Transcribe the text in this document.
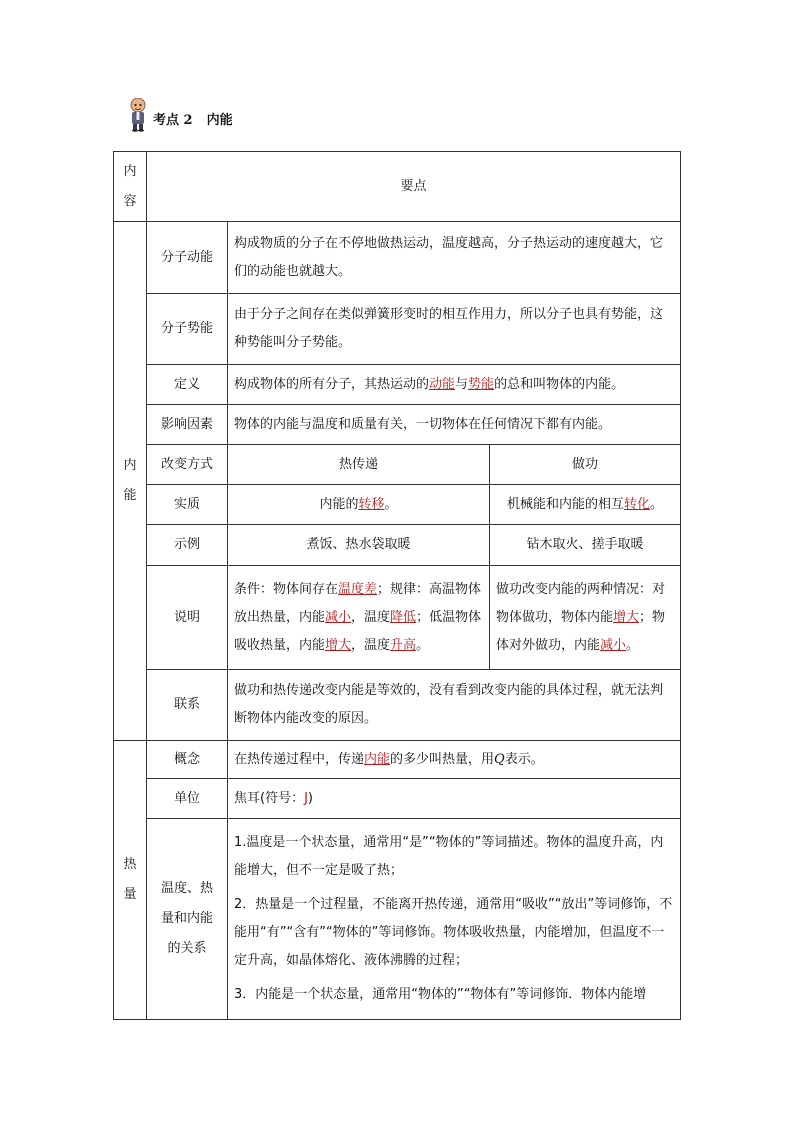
考点 2 内能
内容	要点		
内能	分子动能	构成物质的分子在不停地做热运动，温度越高，分子热运动的速度越大，它们的动能也就越大。	
	分子势能	由于分子之间存在类似弹簧形变时的相互作用力，所以分子也具有势能，这种势能叫分子势能。	
	定义	构成物体的所有分子，其热运动的动能与势能的总和叫物体的内能。	
	影响因素	物体的内能与温度和质量有关，一切物体在任何情况下都有内能。	
	改变方式	热传递	做功
	实质	内能的转移。	机械能和内能的相互转化。
	示例	煮饭、热水袋取暖	钻木取火、搓手取暖
	说明	条件：物体间存在温度差；规律：高温物体放出热量，内能减小，温度降低；低温物体吸收热量，内能增大，温度升高。	做功改变内能的两种情况：对物体做功，物体内能增大；物体对外做功，内能减小。
	联系	做功和热传递改变内能是等效的，没有看到改变内能的具体过程，就无法判断物体内能改变的原因。	
热量	概念	在热传递过程中，传递内能的多少叫热量，用Q表示。	
	单位	焦耳(符号：J)	
	温度、热量和内能的关系	1.温度是一个状态量，通常用“是”“物体的”等词描述。物体的温度升高，内能增大，但不一定是吸了热；

2．热量是一个过程量，不能离开热传递，通常用“吸收”“放出”等词修饰，不能用“有”“含有”“物体的”等词修饰。物体吸收热量，内能增加，但温度不一定升高，如晶体熔化、液体沸腾的过程；

3．内能是一个状态量，通常用“物体的”“物体有”等词修饰．物体内能增	
